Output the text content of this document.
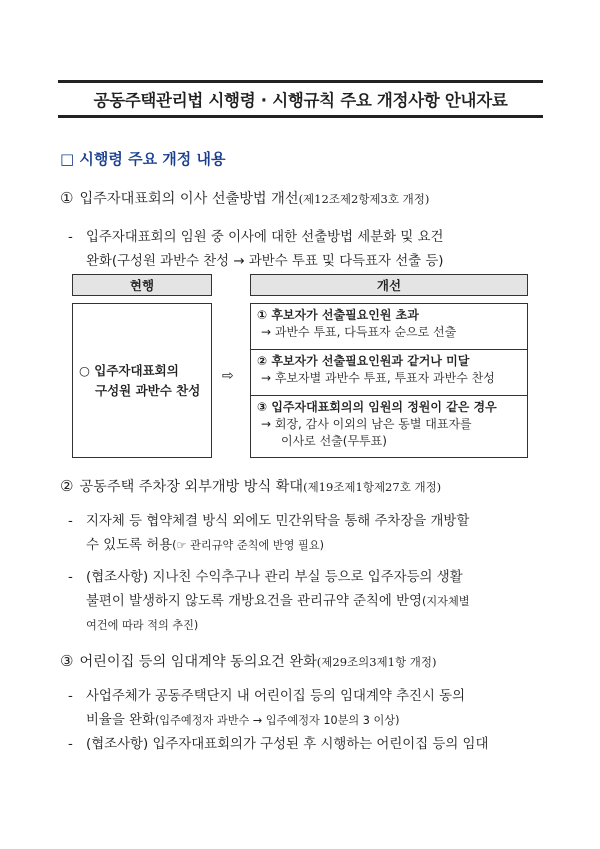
공동주택관리법 시행령 · 시행규칙 주요 개정사항 안내자료
□ 시행령 주요 개정 내용
① 입주자대표회의 이사 선출방법 개선(제12조제2항제3호 개정)
- 입주자대표회의 임원 중 이사에 대한 선출방법 세분화 및 요건
완화(구성원 과반수 찬성 → 과반수 투표 및 다득표자 선출 등)
현행	개선
○ 입주자대표회의
구성원 과반수 찬성
⇨
① 후보자가 선출필요인원 초과
→ 과반수 투표, 다득표자 순으로 선출
② 후보자가 선출필요인원과 같거나 미달
→ 후보자별 과반수 투표, 투표자 과반수 찬성
③ 입주자대표회의의 임원의 정원이 같은 경우
→ 회장, 감사 이외의 남은 동별 대표자를
이사로 선출(무투표)
② 공동주택 주차장 외부개방 방식 확대(제19조제1항제27호 개정)
- 지자체 등 협약체결 방식 외에도 민간위탁을 통해 주차장을 개방할
수 있도록 허용(☞ 관리규약 준칙에 반영 필요)
- (협조사항) 지나친 수익추구나 관리 부실 등으로 입주자등의 생활
불편이 발생하지 않도록 개방요건을 관리규약 준칙에 반영(지자체별
여건에 따라 적의 추진)
③ 어린이집 등의 임대계약 동의요건 완화(제29조의3제1항 개정)
- 사업주체가 공동주택단지 내 어린이집 등의 임대계약 추진시 동의
비율을 완화(입주예정자 과반수 → 입주예정자 10분의 3 이상)
- (협조사항) 입주자대표회의가 구성된 후 시행하는 어린이집 등의 임대
